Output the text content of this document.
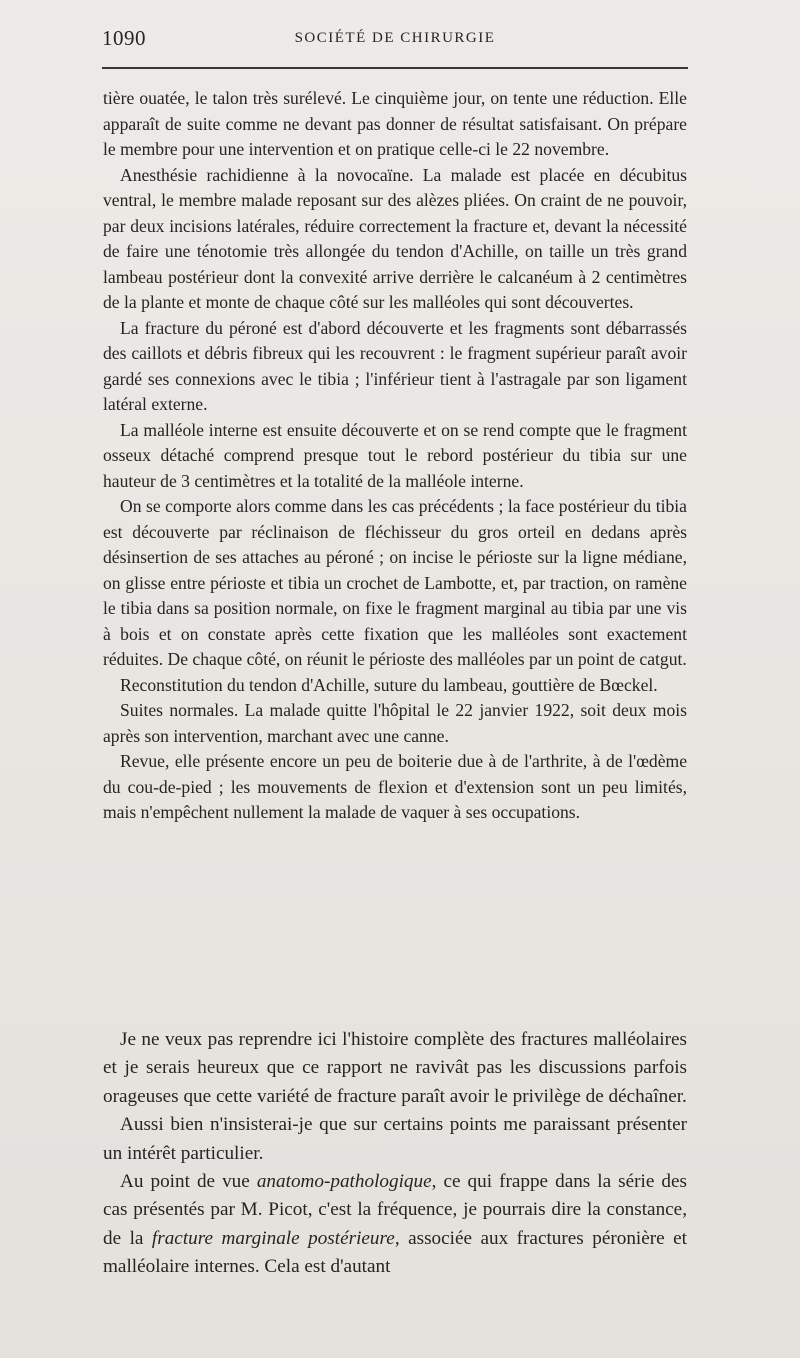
1090	SOCIÉTÉ DE CHIRURGIE

tière ouatée, le talon très surélevé. Le cinquième jour, on tente une réduction. Elle apparaît de suite comme ne devant pas donner de résultat satisfaisant. On prépare le membre pour une intervention et on pratique celle-ci le 22 novembre.

Anesthésie rachidienne à la novocaïne. La malade est placée en décubitus ventral, le membre malade reposant sur des alèzes pliées. On craint de ne pouvoir, par deux incisions latérales, réduire correctement la fracture et, devant la nécessité de faire une ténotomie très allongée du tendon d'Achille, on taille un très grand lambeau postérieur dont la convexité arrive derrière le calcanéum à 2 centimètres de la plante et monte de chaque côté sur les malléoles qui sont découvertes.

La fracture du péroné est d'abord découverte et les fragments sont débarrassés des caillots et débris fibreux qui les recouvrent : le fragment supérieur paraît avoir gardé ses connexions avec le tibia ; l'inférieur tient à l'astragale par son ligament latéral externe.

La malléole interne est ensuite découverte et on se rend compte que le fragment osseux détaché comprend presque tout le rebord postérieur du tibia sur une hauteur de 3 centimètres et la totalité de la malléole interne.

On se comporte alors comme dans les cas précédents ; la face postérieur du tibia est découverte par réclinaison de fléchisseur du gros orteil en dedans après désinsertion de ses attaches au péroné ; on incise le périoste sur la ligne médiane, on glisse entre périoste et tibia un crochet de Lambotte, et, par traction, on ramène le tibia dans sa position normale, on fixe le fragment marginal au tibia par une vis à bois et on constate après cette fixation que les malléoles sont exactement réduites. De chaque côté, on réunit le périoste des malléoles par un point de catgut.

Reconstitution du tendon d'Achille, suture du lambeau, gouttière de Bœckel.

Suites normales. La malade quitte l'hôpital le 22 janvier 1922, soit deux mois après son intervention, marchant avec une canne.

Revue, elle présente encore un peu de boiterie due à de l'arthrite, à de l'œdème du cou-de-pied ; les mouvements de flexion et d'extension sont un peu limités, mais n'empêchent nullement la malade de vaquer à ses occupations.

Je ne veux pas reprendre ici l'histoire complète des fractures malléolaires et je serais heureux que ce rapport ne ravivât pas les discussions parfois orageuses que cette variété de fracture paraît avoir le privilège de déchaîner.

Aussi bien n'insisterai-je que sur certains points me paraissant présenter un intérêt particulier.

Au point de vue anatomo-pathologique, ce qui frappe dans la série des cas présentés par M. Picot, c'est la fréquence, je pourrais dire la constance, de la fracture marginale postérieure, associée aux fractures péronière et malléolaire internes. Cela est d'autant
